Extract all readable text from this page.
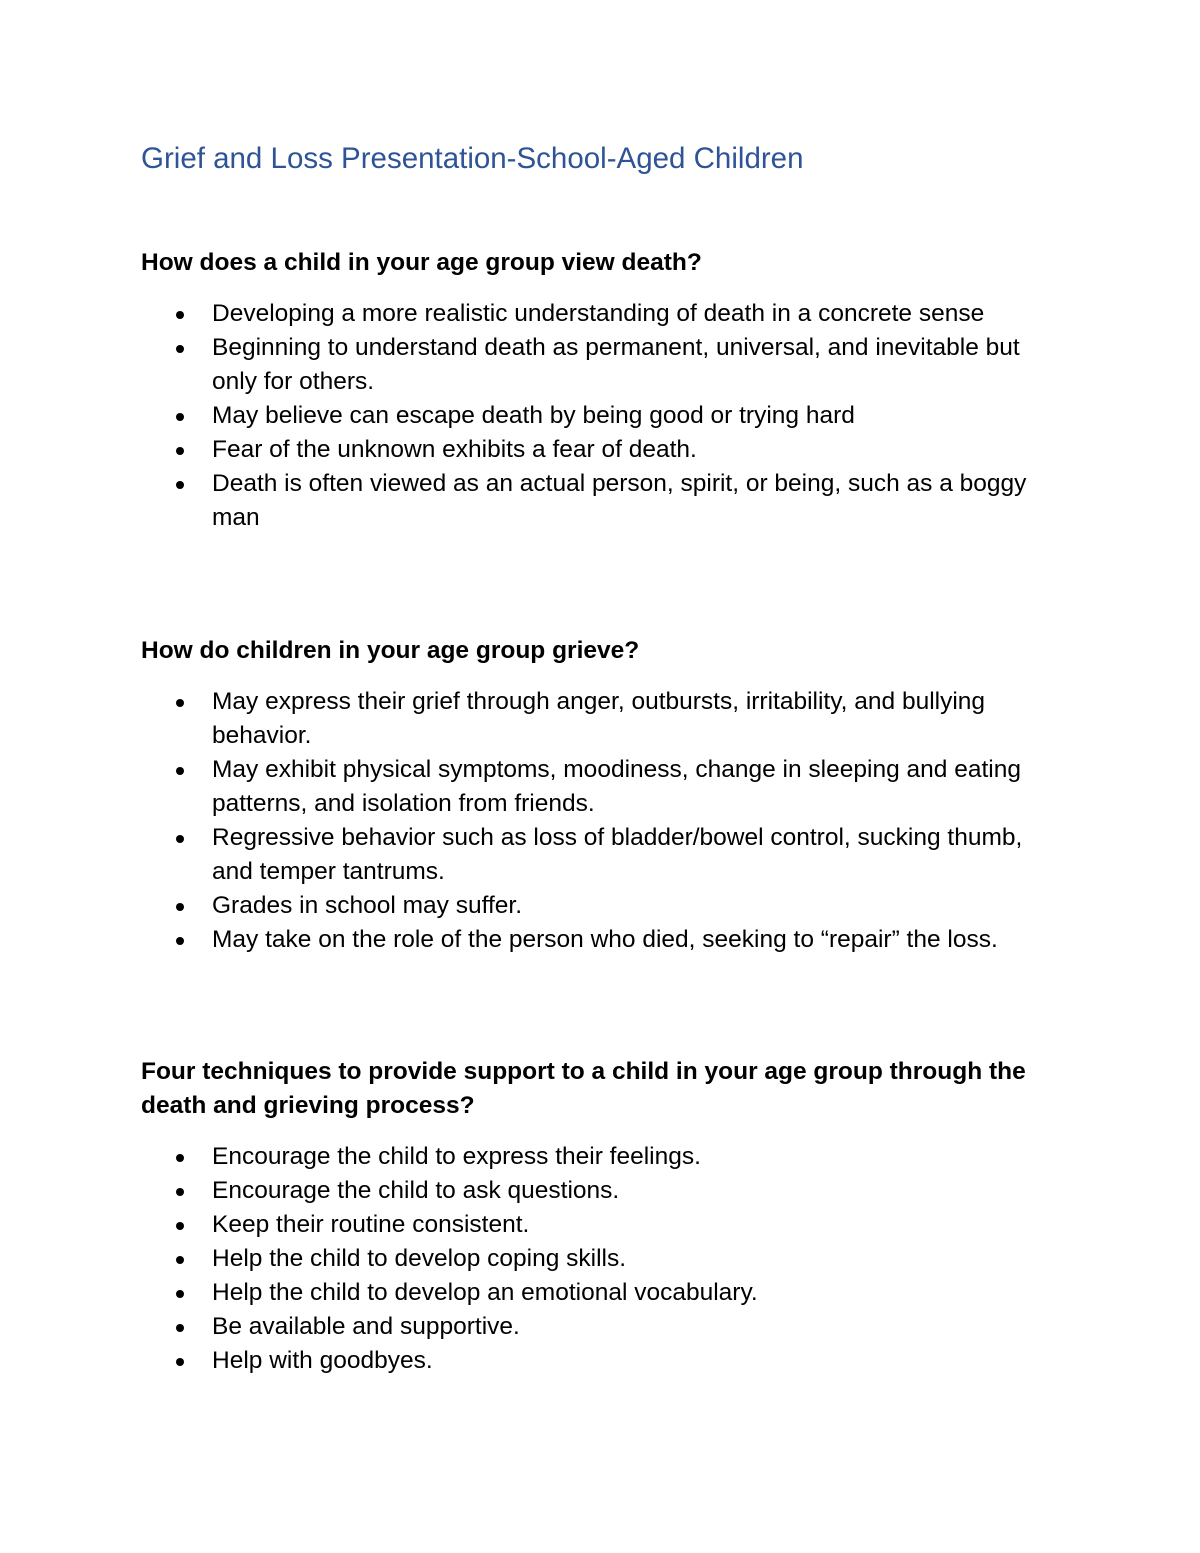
Grief and Loss Presentation-School-Aged Children
How does a child in your age group view death?
Developing a more realistic understanding of death in a concrete sense
Beginning to understand death as permanent, universal, and inevitable but only for others.
May believe can escape death by being good or trying hard
Fear of the unknown exhibits a fear of death.
Death is often viewed as an actual person, spirit, or being, such as a boggy man
How do children in your age group grieve?
May express their grief through anger, outbursts, irritability, and bullying behavior.
May exhibit physical symptoms, moodiness, change in sleeping and eating patterns, and isolation from friends.
Regressive behavior such as loss of bladder/bowel control, sucking thumb, and temper tantrums.
Grades in school may suffer.
May take on the role of the person who died, seeking to “repair” the loss.
Four techniques to provide support to a child in your age group through the death and grieving process?
Encourage the child to express their feelings.
Encourage the child to ask questions.
Keep their routine consistent.
Help the child to develop coping skills.
Help the child to develop an emotional vocabulary.
Be available and supportive.
Help with goodbyes.
